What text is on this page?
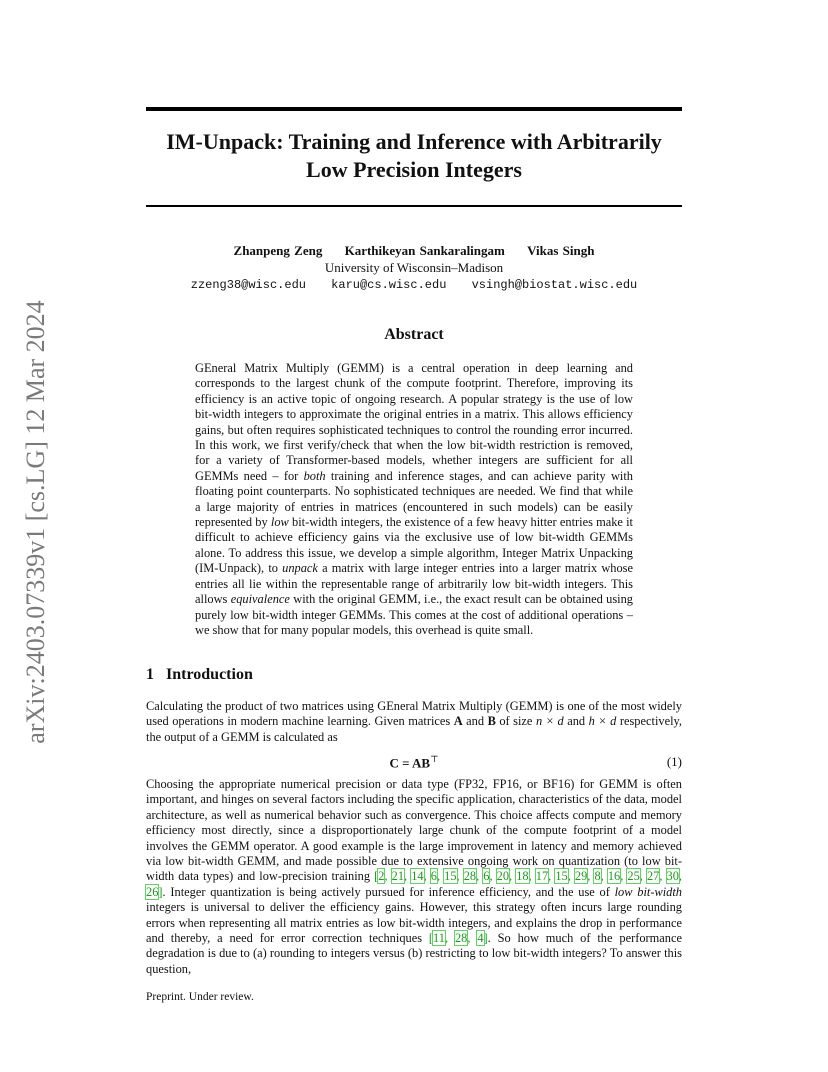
arXiv:2403.07339v1 [cs.LG] 12 Mar 2024
IM-Unpack: Training and Inference with Arbitrarily
Low Precision Integers
Zhanpeng Zeng Karthikeyan Sankaralingam Vikas Singh
University of Wisconsin–Madison
zzeng38@wisc.edu karu@cs.wisc.edu vsingh@biostat.wisc.edu
Abstract
GEneral Matrix Multiply (GEMM) is a central operation in deep learning and corresponds to the largest chunk of the compute footprint. Therefore, improving its efficiency is an active topic of ongoing research. A popular strategy is the use of low bit-width integers to approximate the original entries in a matrix. This allows efficiency gains, but often requires sophisticated techniques to control the rounding error incurred. In this work, we first verify/check that when the low bit-width restriction is removed, for a variety of Transformer-based models, whether integers are sufficient for all GEMMs need – for both training and inference stages, and can achieve parity with floating point counterparts. No sophisticated techniques are needed. We find that while a large majority of entries in matrices (encountered in such models) can be easily represented by low bit-width integers, the existence of a few heavy hitter entries make it difficult to achieve efficiency gains via the exclusive use of low bit-width GEMMs alone. To address this issue, we develop a simple algorithm, Integer Matrix Unpacking (IM-Unpack), to unpack a matrix with large integer entries into a larger matrix whose entries all lie within the representable range of arbitrarily low bit-width integers. This allows equivalence with the original GEMM, i.e., the exact result can be obtained using purely low bit-width integer GEMMs. This comes at the cost of additional operations – we show that for many popular models, this overhead is quite small.
1 Introduction
Calculating the product of two matrices using GEneral Matrix Multiply (GEMM) is one of the most widely used operations in modern machine learning. Given matrices A and B of size n × d and h × d respectively, the output of a GEMM is calculated as
C = AB⊤	(1)
Choosing the appropriate numerical precision or data type (FP32, FP16, or BF16) for GEMM is often important, and hinges on several factors including the specific application, characteristics of the data, model architecture, as well as numerical behavior such as convergence. This choice affects compute and memory efficiency most directly, since a disproportionately large chunk of the compute footprint of a model involves the GEMM operator. A good example is the large improvement in latency and memory achieved via low bit-width GEMM, and made possible due to extensive ongoing work on quantization (to low bit-width data types) and low-precision training [2, 21, 14, 6, 15, 28, 6, 20, 18, 17, 15, 29, 8, 16, 25, 27, 30, 26]. Integer quantization is being actively pursued for inference efficiency, and the use of low bit-width integers is universal to deliver the efficiency gains. However, this strategy often incurs large rounding errors when representing all matrix entries as low bit-width integers, and explains the drop in performance and thereby, a need for error correction techniques [11, 28, 4]. So how much of the performance degradation is due to (a) rounding to integers versus (b) restricting to low bit-width integers? To answer this question,
Preprint. Under review.
